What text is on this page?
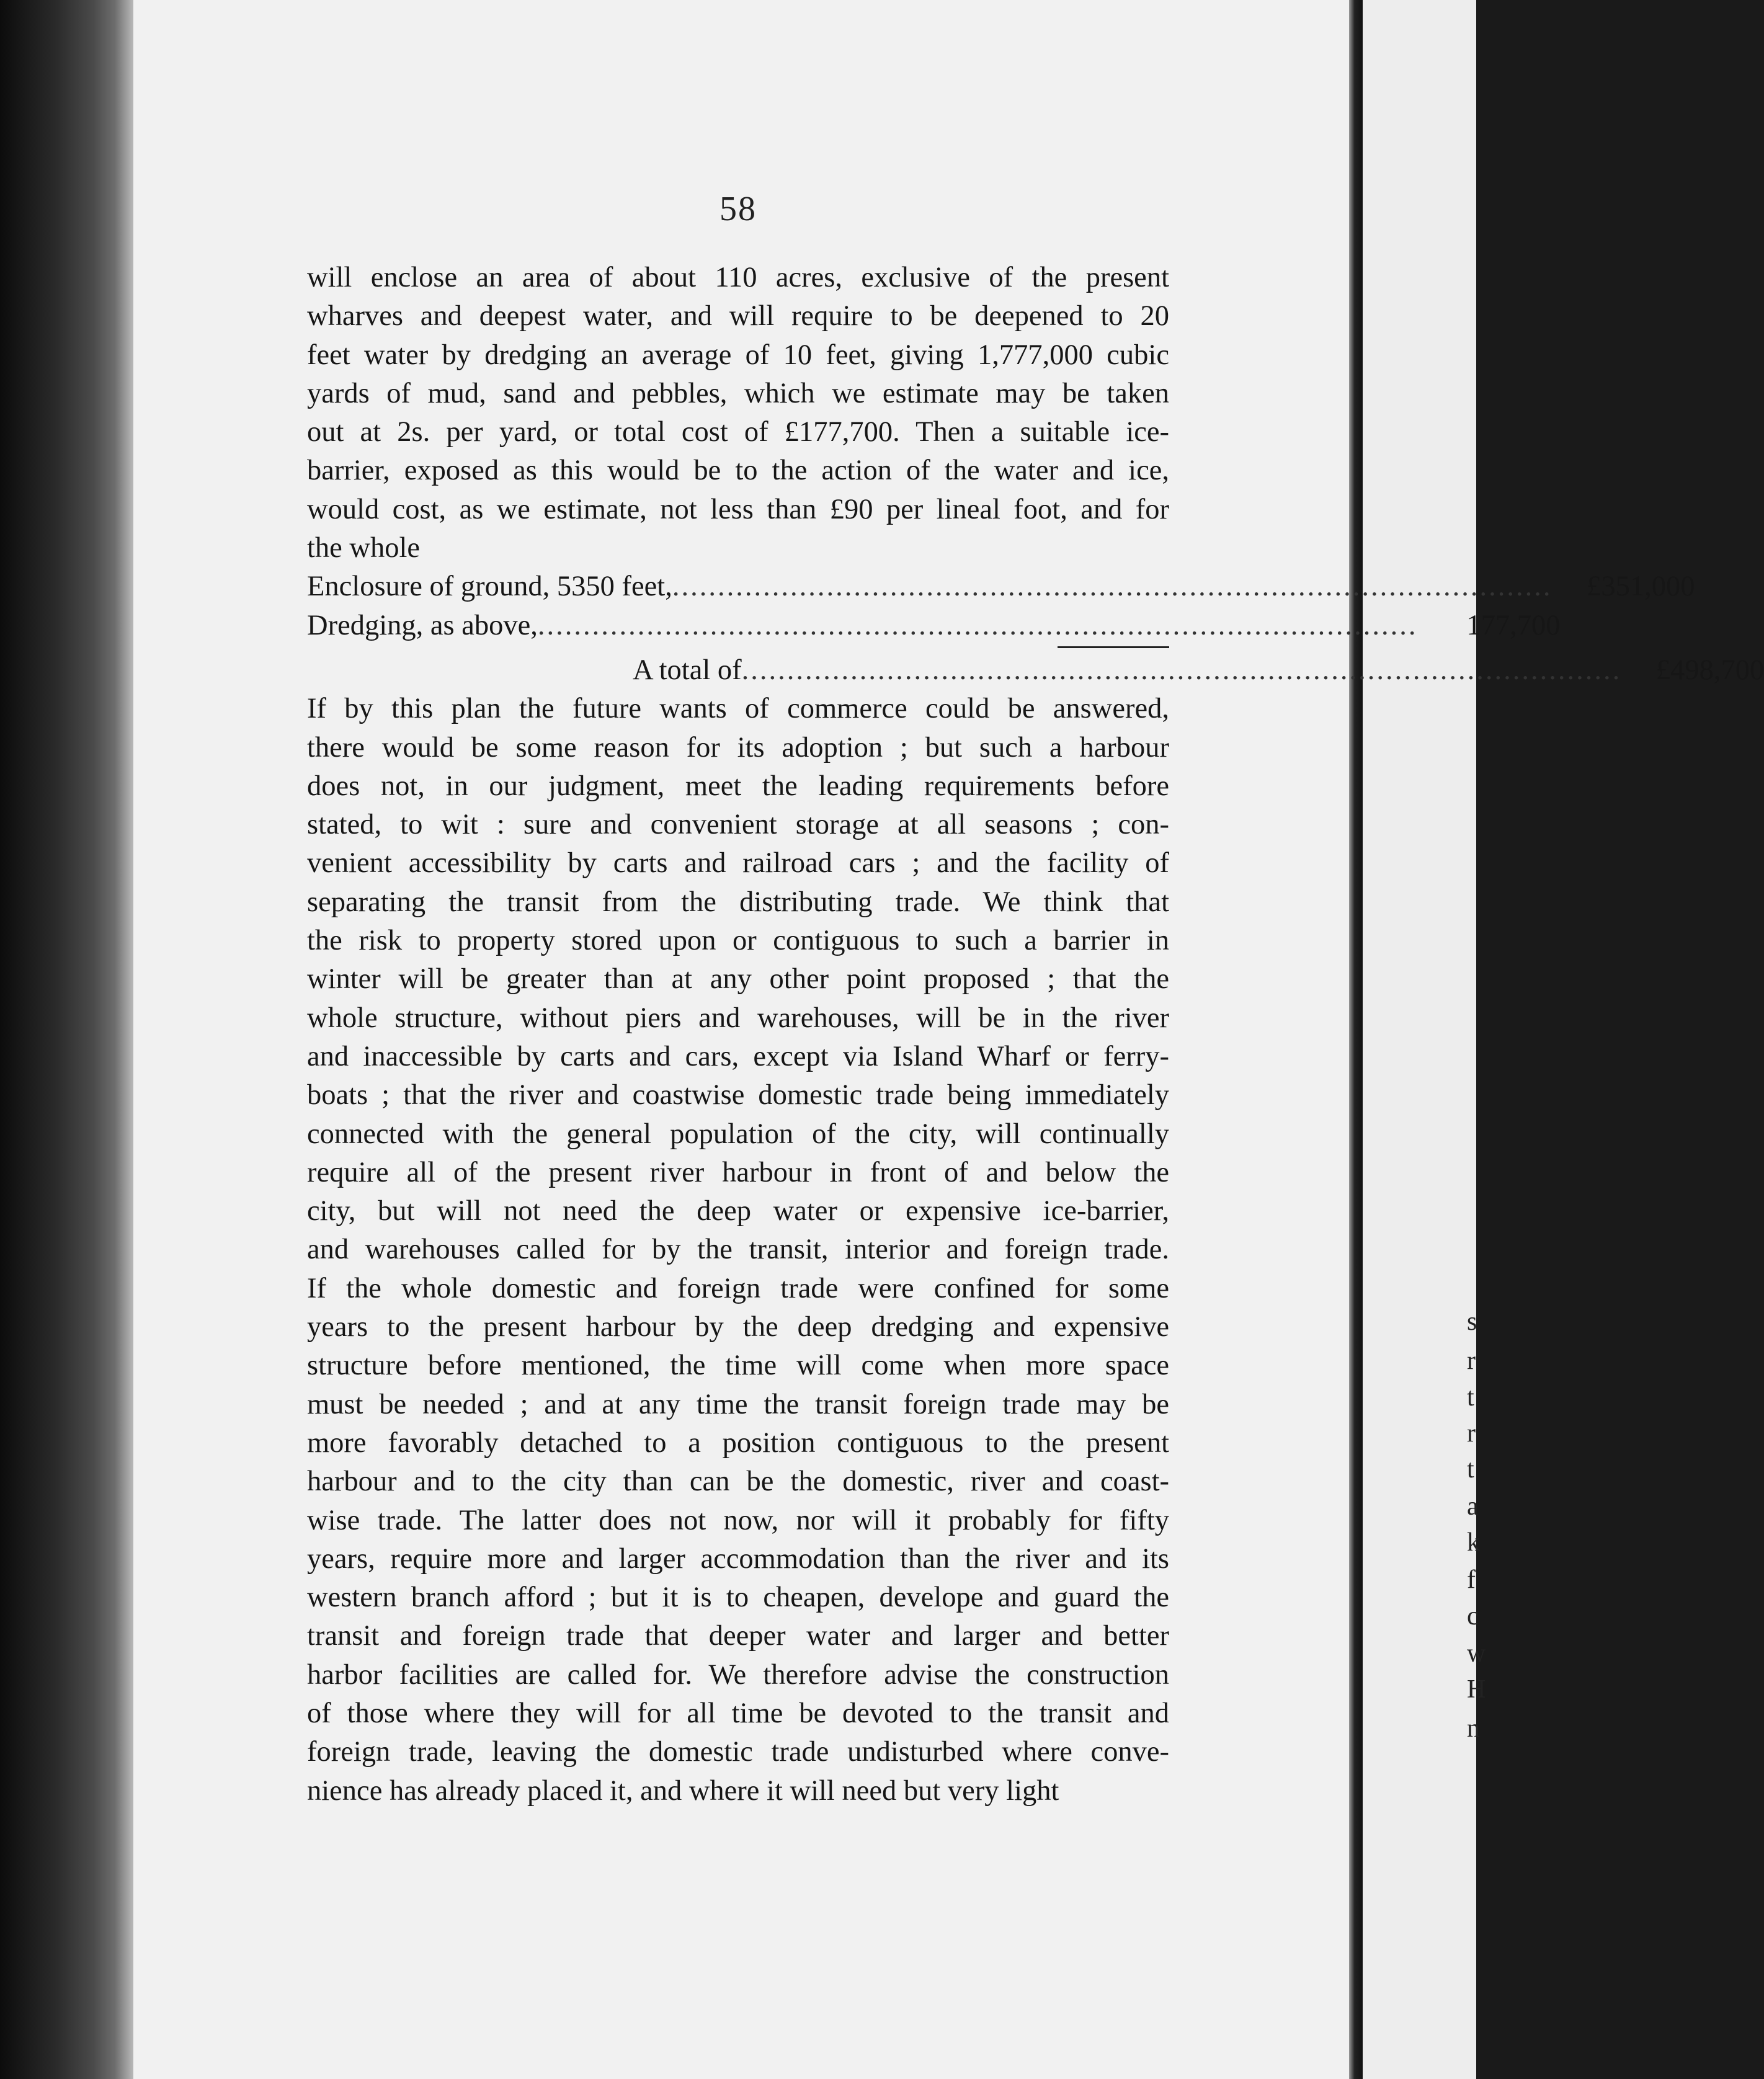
s
r
t
r
t
a
k
f
c
w
H
n
58
will enclose an area of about 110 acres, exclusive of the present
wharves and deepest water, and will require to be deepened to 20
feet water by dredging an average of 10 feet, giving 1,777,000 cubic
yards of mud, sand and pebbles, which we estimate may be taken
out at 2s. per yard, or total cost of £177,700. Then a suitable ice-
barrier, exposed as this would be to the action of the water and ice,
would cost, as we estimate, not less than £90 per lineal foot, and for
the whole
Enclosure of ground, 5350 feet, .................................................................................................	£351,000
Dredging, as above, .................................................................................................	177,700
A total of .................................................................................................	£498,700
If by this plan the future wants of commerce could be answered,
there would be some reason for its adoption ; but such a harbour
does not, in our judgment, meet the leading requirements before
stated, to wit : sure and convenient storage at all seasons ; con-
venient accessibility by carts and railroad cars ; and the facility of
separating the transit from the distributing trade. We think that
the risk to property stored upon or contiguous to such a barrier in
winter will be greater than at any other point proposed ; that the
whole structure, without piers and warehouses, will be in the river
and inaccessible by carts and cars, except via Island Wharf or ferry-
boats ; that the river and coastwise domestic trade being immediately
connected with the general population of the city, will continually
require all of the present river harbour in front of and below the
city, but will not need the deep water or expensive ice-barrier,
and warehouses called for by the transit, interior and foreign trade.
If the whole domestic and foreign trade were confined for some
years to the present harbour by the deep dredging and expensive
structure before mentioned, the time will come when more space
must be needed ; and at any time the transit foreign trade may be
more favorably detached to a position contiguous to the present
harbour and to the city than can be the domestic, river and coast-
wise trade. The latter does not now, nor will it probably for fifty
years, require more and larger accommodation than the river and its
western branch afford ; but it is to cheapen, develope and guard the
transit and foreign trade that deeper water and larger and better
harbor facilities are called for. We therefore advise the construction
of those where they will for all time be devoted to the transit and
foreign trade, leaving the domestic trade undisturbed where conve-
nience has already placed it, and where it will need but very light
